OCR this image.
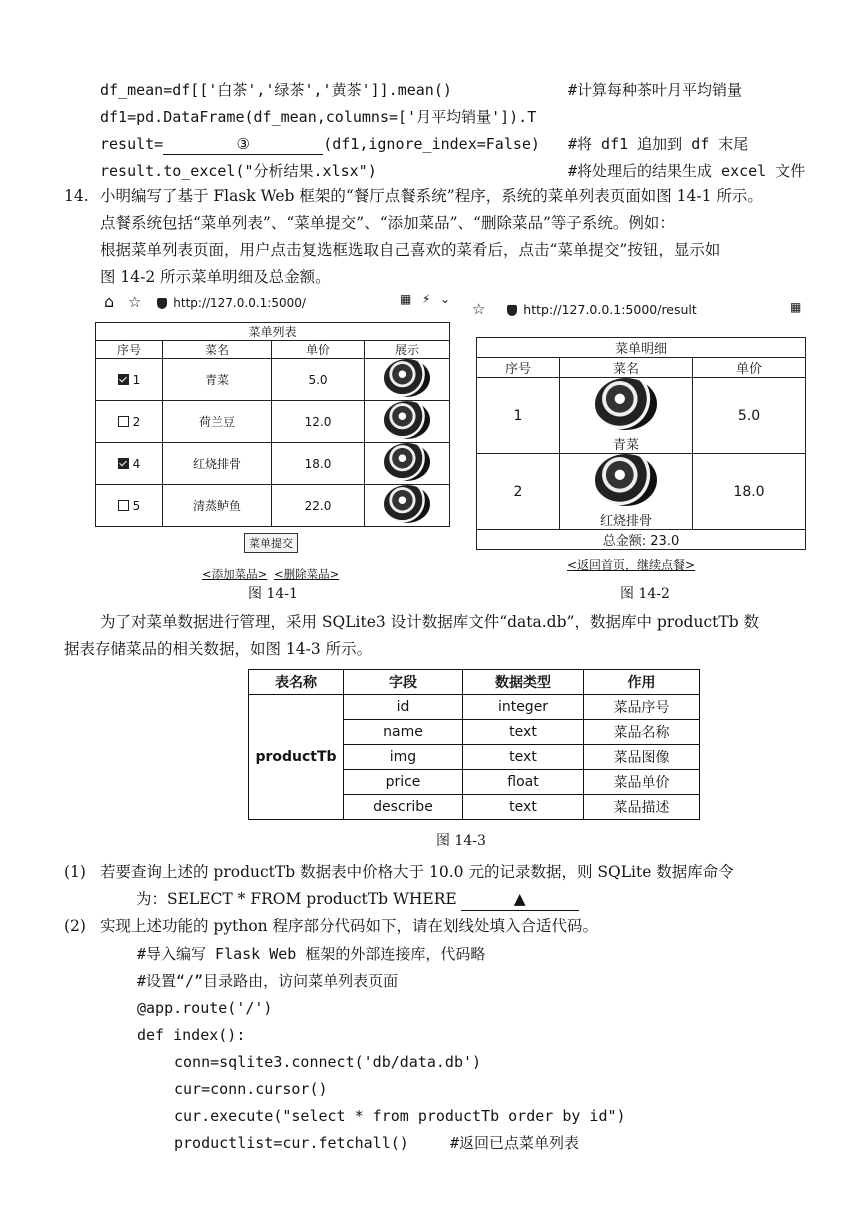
df_mean=df[['白茶','绿茶','黄茶']].mean()	#计算每种茶叶月平均销量
df1=pd.DataFrame(df_mean,columns=['月平均销量']).T
result=	③	(df1,ignore_index=False) #将 df1 追加到 df 末尾
result.to_excel("分析结果.xlsx")	#将处理后的结果生成 excel 文件
14. 小明编写了基于 Flask Web 框架的“餐厅点餐系统”程序，系统的菜单列表页面如图 14-1 所示。
点餐系统包括“菜单列表”、“菜单提交”、“添加菜品”、“删除菜品”等子系统。例如：
根据菜单列表页面，用户点击复选框选取自己喜欢的菜肴后，点击“菜单提交”按钮，显示如
图 14-2 所示菜单明细及总金额。
⌂ ☆	http://127.0.0.1:5000/	▦ ⚡ ⌄
菜单列表			
序号	菜名	单价	展示
1	青菜	5.0	
2	荷兰豆	12.0	
4	红烧排骨	18.0	
5	清蒸鲈鱼	22.0	
菜单提交
<添加菜品> <删除菜品>
图 14-1
☆	http://127.0.0.1:5000/result	▦
菜单明细		
序号	菜名	单价
1	青菜	5.0
2	红烧排骨	18.0
总金额: 23.0		
<返回首页，继续点餐>
图 14-2
为了对菜单数据进行管理，采用 SQLite3 设计数据库文件“data.db”，数据库中 productTb 数
据表存储菜品的相关数据，如图 14-3 所示。
表名称	字段	数据类型	作用
productTb	id	integer	菜品序号
	name	text	菜品名称
	img	text	菜品图像
	price	float	菜品单价
	describe	text	菜品描述
图 14-3
(1) 若要查询上述的 productTb 数据表中价格大于 10.0 元的记录数据，则 SQLite 数据库命令
为：SELECT * FROM productTb WHERE	▲
(2) 实现上述功能的 python 程序部分代码如下，请在划线处填入合适代码。
#导入编写 Flask Web 框架的外部连接库，代码略
#设置“/”目录路由，访问菜单列表页面
@app.route('/')
def index():
conn=sqlite3.connect('db/data.db')
cur=conn.cursor()
cur.execute("select * from productTb order by id")
productlist=cur.fetchall()	#返回已点菜单列表
